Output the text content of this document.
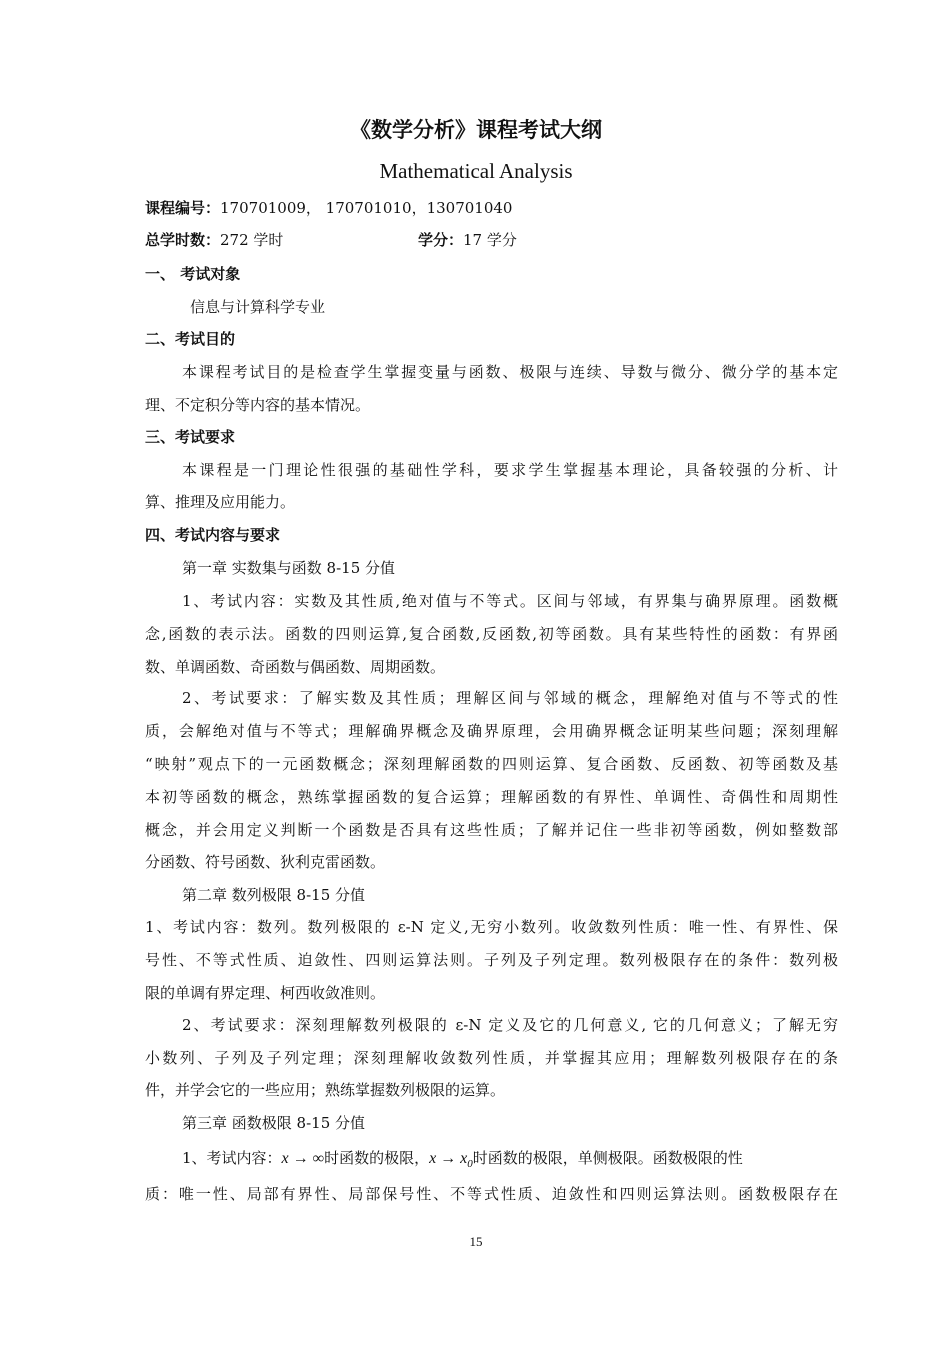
《数学分析》课程考试大纲
Mathematical Analysis
课程编号：170701009， 170701010，130701040
总学时数：272 学时	学分：17 学分
一、 考试对象
信息与计算科学专业
二、考试目的
本课程考试目的是检查学生掌握变量与函数、极限与连续、导数与微分、微分学的基本定
理、不定积分等内容的基本情况。
三、考试要求
本课程是一门理论性很强的基础性学科，要求学生掌握基本理论，具备较强的分析、计
算、推理及应用能力。
四、考试内容与要求
第一章 实数集与函数 8-15 分值
1、考试内容：实数及其性质,绝对值与不等式。区间与邻域，有界集与确界原理。函数概
念,函数的表示法。函数的四则运算,复合函数,反函数,初等函数。具有某些特性的函数：有界函
数、单调函数、奇函数与偶函数、周期函数。
2、考试要求：了解实数及其性质；理解区间与邻域的概念，理解绝对值与不等式的性
质，会解绝对值与不等式；理解确界概念及确界原理，会用确界概念证明某些问题；深刻理解
“映射”观点下的一元函数概念；深刻理解函数的四则运算、复合函数、反函数、初等函数及基
本初等函数的概念，熟练掌握函数的复合运算；理解函数的有界性、单调性、奇偶性和周期性
概念，并会用定义判断一个函数是否具有这些性质；了解并记住一些非初等函数，例如整数部
分函数、符号函数、狄利克雷函数。
第二章 数列极限 8-15 分值
1、考试内容：数列。数列极限的 ε-N 定义,无穷小数列。收敛数列性质：唯一性、有界性、保
号性、不等式性质、迫敛性、四则运算法则。子列及子列定理。数列极限存在的条件：数列极
限的单调有界定理、柯西收敛准则。
2、考试要求：深刻理解数列极限的 ε-N 定义及它的几何意义, 它的几何意义；了解无穷
小数列、子列及子列定理；深刻理解收敛数列性质，并掌握其应用；理解数列极限存在的条
件，并学会它的一些应用；熟练掌握数列极限的运算。
第三章 函数极限 8-15 分值
1、考试内容：x → ∞时函数的极限，$x \to x_0$时函数的极限，单侧极限。函数极限的性
质：唯一性、局部有界性、局部保号性、不等式性质、迫敛性和四则运算法则。函数极限存在
15
